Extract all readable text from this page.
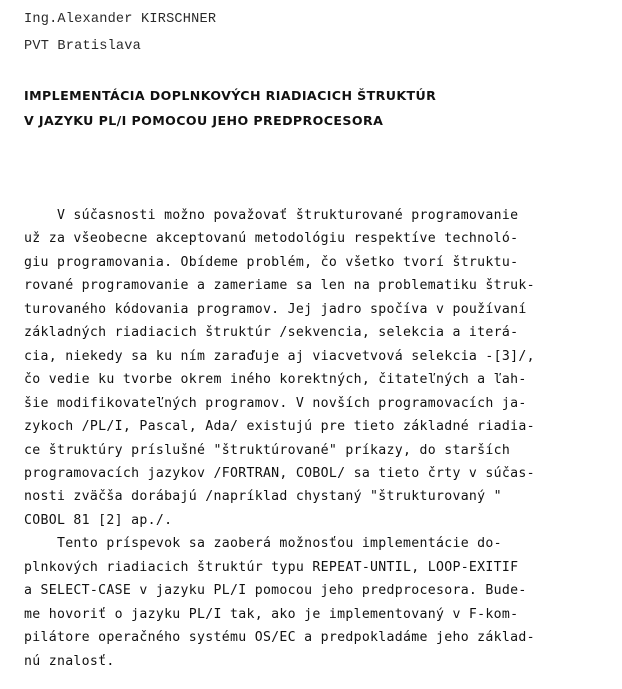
Ing.Alexander KIRSCHNER
PVT Bratislava
IMPLEMENTÁCIA DOPLNKOVÝCH RIADIACICH ŠTRUKTÚR
V JAZYKU PL/I POMOCOU JEHO PREDPROCESORA
V súčasnosti možno považovať štrukturované programovanie
už za všeobecne akceptovanú metodológiu respektíve technoló-
giu programovania. Obídeme problém, čo všetko tvorí štruktu-
rované programovanie a zameriame sa len na problematiku štruk-
turovaného kódovania programov. Jej jadro spočíva v používaní
základných riadiacich štruktúr /sekvencia, selekcia a iterá-
cia, niekedy sa ku ním zaraďuje aj viacvetvová selekcia -[3]/,
čo vedie ku tvorbe okrem iného korektných, čitateľných a ľah-
šie modifikovateľných programov. V novších programovacích ja-
zykoch /PL/I, Pascal, Ada/ existujú pre tieto základné riadia-
ce štruktúry príslušné "štruktúrované" príkazy, do starších
programovacích jazykov /FORTRAN, COBOL/ sa tieto črty v súčas-
nosti zväčša dorábajú /napríklad chystaný "štrukturovaný "
COBOL 81 [2] ap./.
Tento príspevok sa zaoberá možnosťou implementácie do-
plnkových riadiacich štruktúr typu REPEAT-UNTIL, LOOP-EXITIF
a SELECT-CASE v jazyku PL/I pomocou jeho predprocesora. Bude-
me hovoriť o jazyku PL/I tak, ako je implementovaný v F-kom-
pilátore operačného systému OS/EC a predpokladáme jeho základ-
nú znalosť.
